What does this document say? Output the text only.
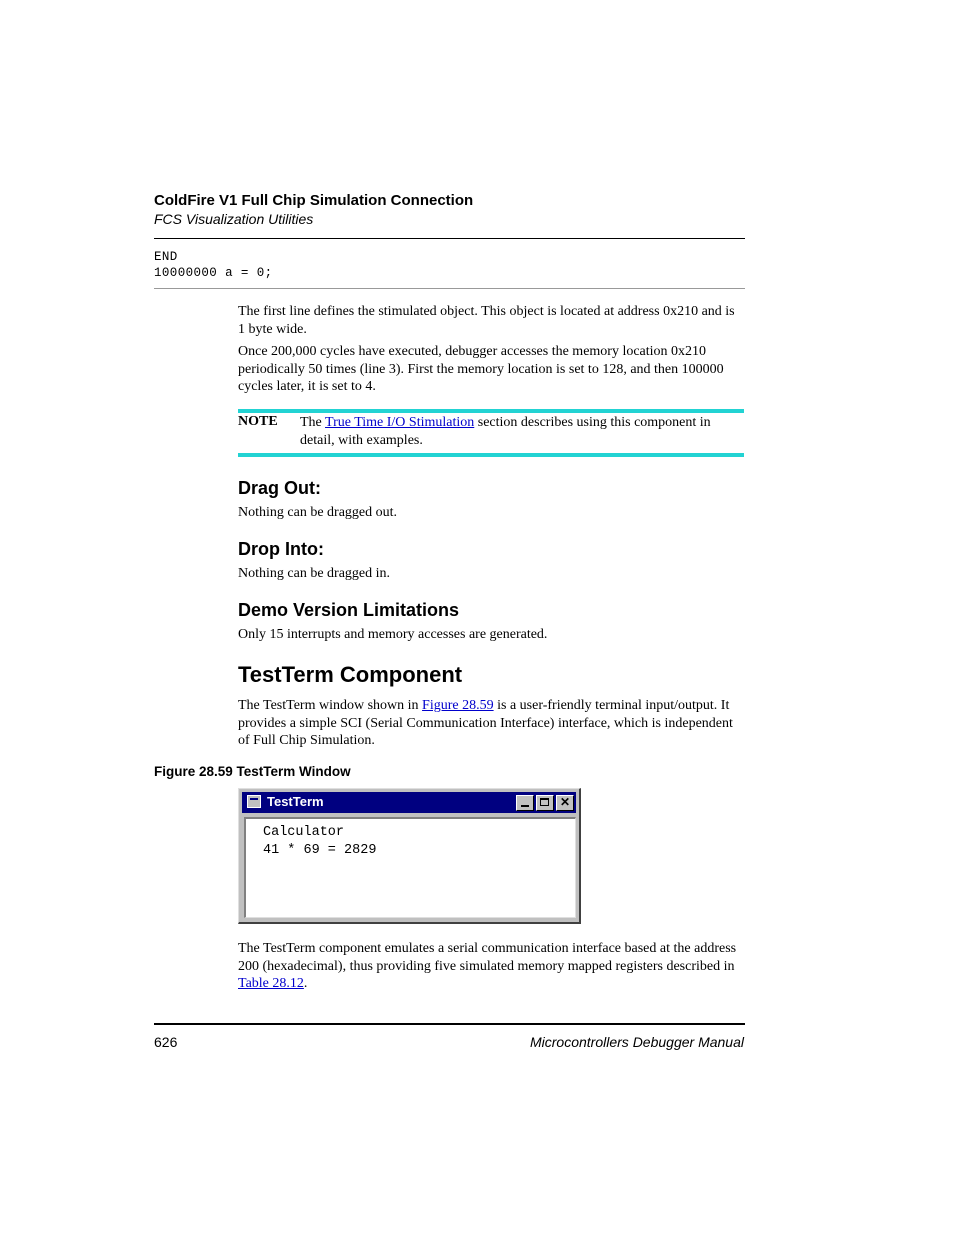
ColdFire V1 Full Chip Simulation Connection
FCS Visualization Utilities
END
10000000 a = 0;
The first line defines the stimulated object. This object is located at address 0x210 and is 1 byte wide.
Once 200,000 cycles have executed, debugger accesses the memory location 0x210 periodically 50 times (line 3). First the memory location is set to 128, and then 100000 cycles later, it is set to 4.
NOTE The True Time I/O Stimulation section describes using this component in detail, with examples.
Drag Out:
Nothing can be dragged out.
Drop Into:
Nothing can be dragged in.
Demo Version Limitations
Only 15 interrupts and memory accesses are generated.
TestTerm Component
The TestTerm window shown in Figure 28.59 is a user-friendly terminal input/output. It provides a simple SCI (Serial Communication Interface) interface, which is independent of Full Chip Simulation.
Figure 28.59 TestTerm Window
TestTerm	✕
Calculator
41 * 69 = 2829
The TestTerm component emulates a serial communication interface based at the address 200 (hexadecimal), thus providing five simulated memory mapped registers described in Table 28.12.
626	Microcontrollers Debugger Manual
